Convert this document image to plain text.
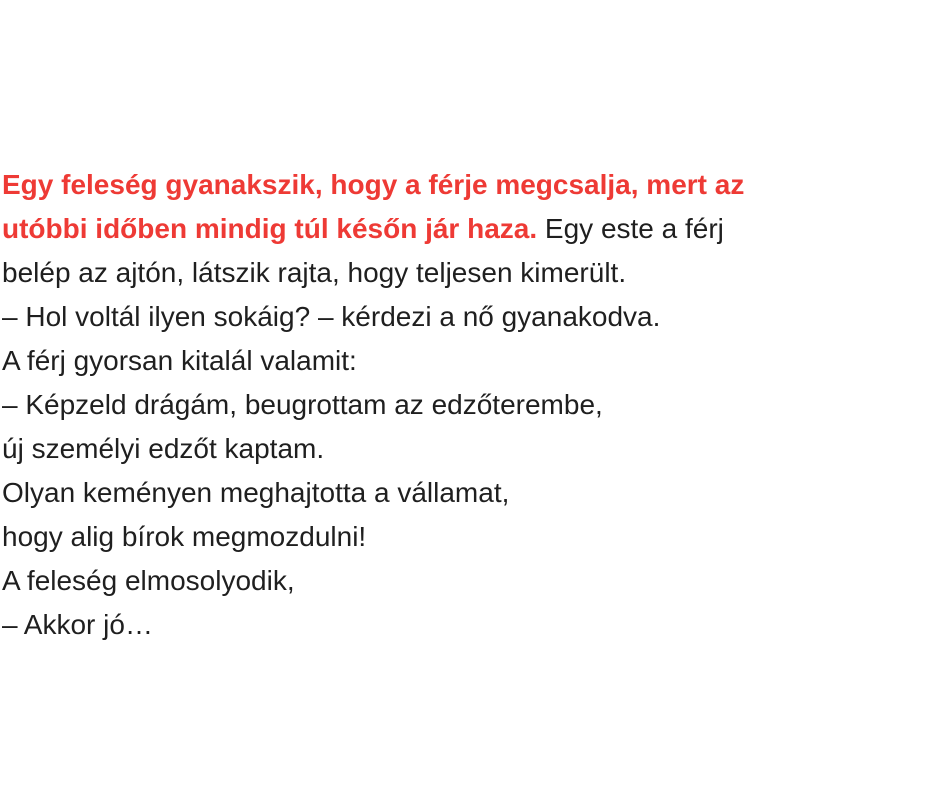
Egy feleség gyanakszik, hogy a férje megcsalja, mert az
utóbbi időben mindig túl későn jár haza. Egy este a férj
belép az ajtón, látszik rajta, hogy teljesen kimerült.
– Hol voltál ilyen sokáig? – kérdezi a nő gyanakodva.
A férj gyorsan kitalál valamit:
– Képzeld drágám, beugrottam az edzőterembe,
új személyi edzőt kaptam.
Olyan keményen meghajtotta a vállamat,
hogy alig bírok megmozdulni!
A feleség elmosolyodik,
– Akkor jó…
